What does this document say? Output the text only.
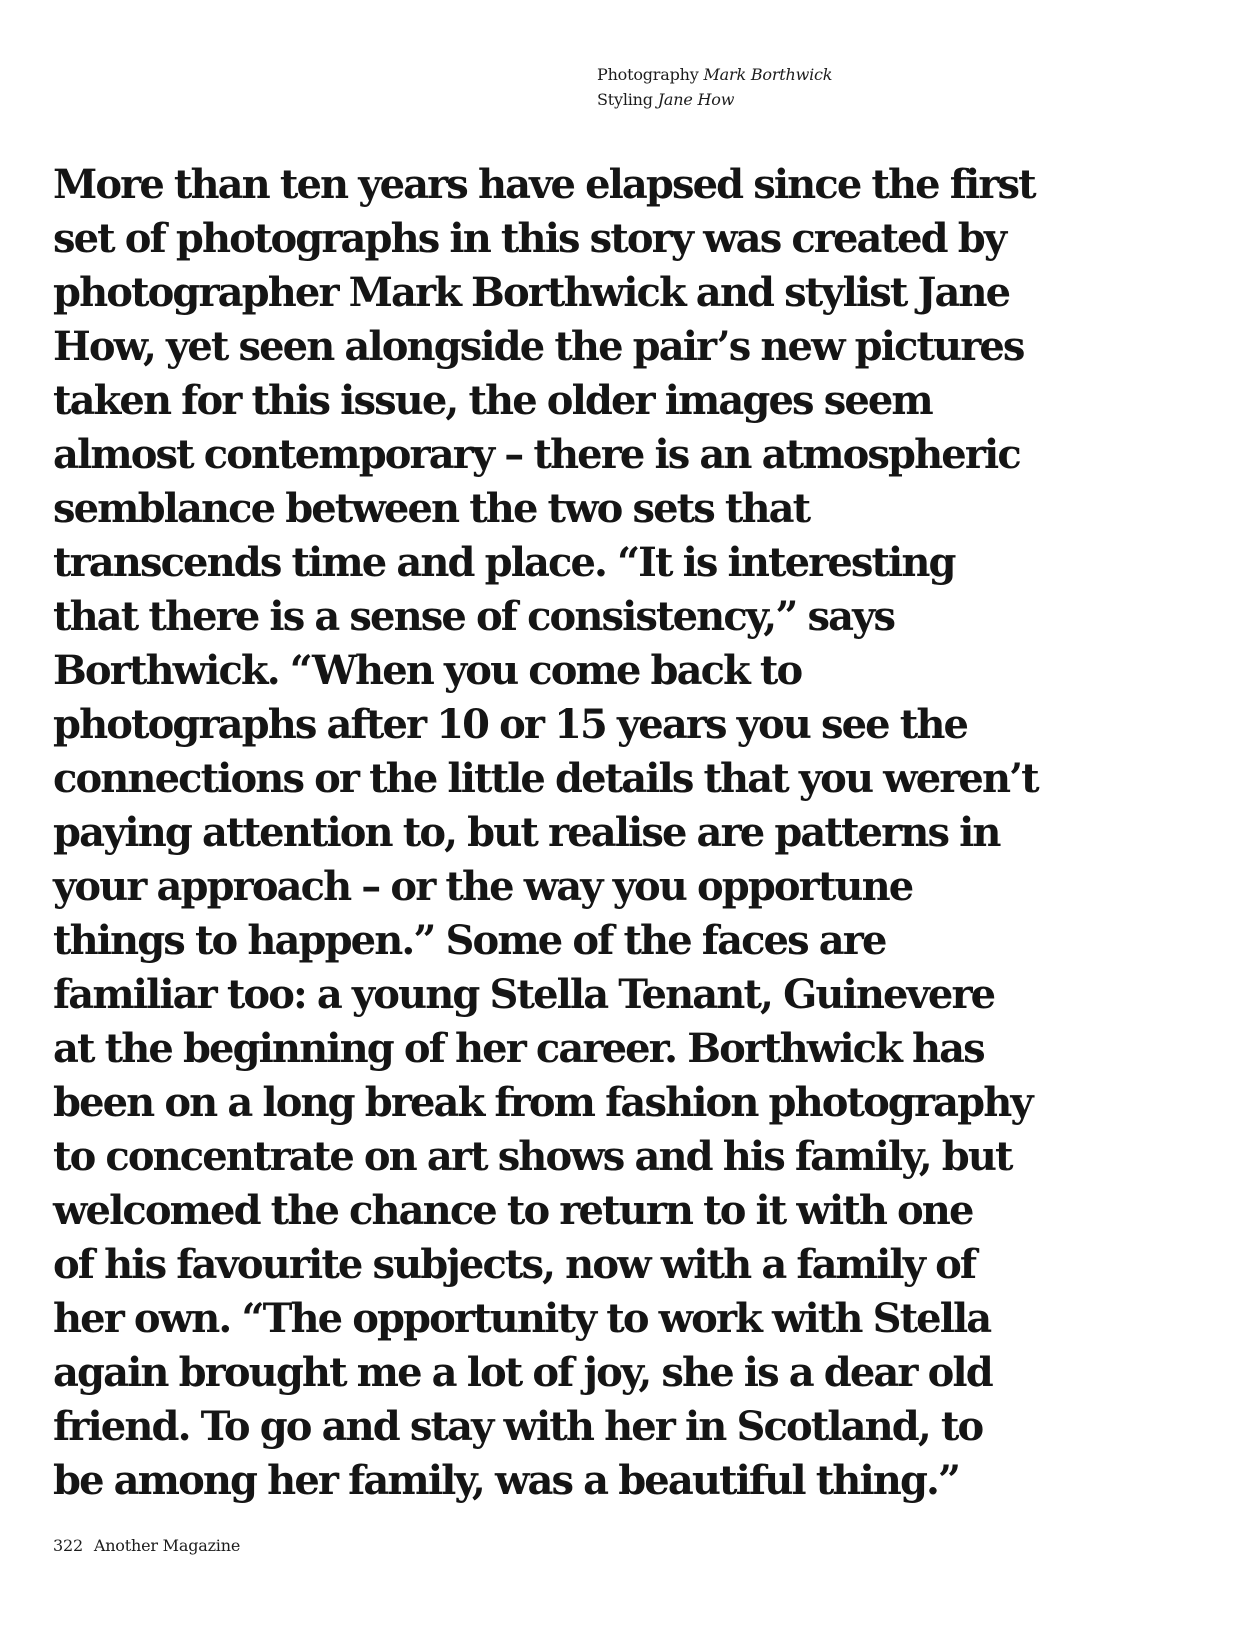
Photography Mark Borthwick
Styling Jane How

More than ten years have elapsed since the first
set of photographs in this story was created by
photographer Mark Borthwick and stylist Jane
How, yet seen alongside the pair’s new pictures
taken for this issue, the older images seem
almost contemporary – there is an atmospheric
semblance between the two sets that
transcends time and place. “It is interesting
that there is a sense of consistency,” says
Borthwick. “When you come back to
photographs after 10 or 15 years you see the
connections or the little details that you weren’t
paying attention to, but realise are patterns in
your approach – or the way you opportune
things to happen.” Some of the faces are
familiar too: a young Stella Tenant, Guinevere
at the beginning of her career. Borthwick has
been on a long break from fashion photography
to concentrate on art shows and his family, but
welcomed the chance to return to it with one
of his favourite subjects, now with a family of
her own. “The opportunity to work with Stella
again brought me a lot of joy, she is a dear old
friend. To go and stay with her in Scotland, to
be among her family, was a beautiful thing.”

322 Another Magazine
